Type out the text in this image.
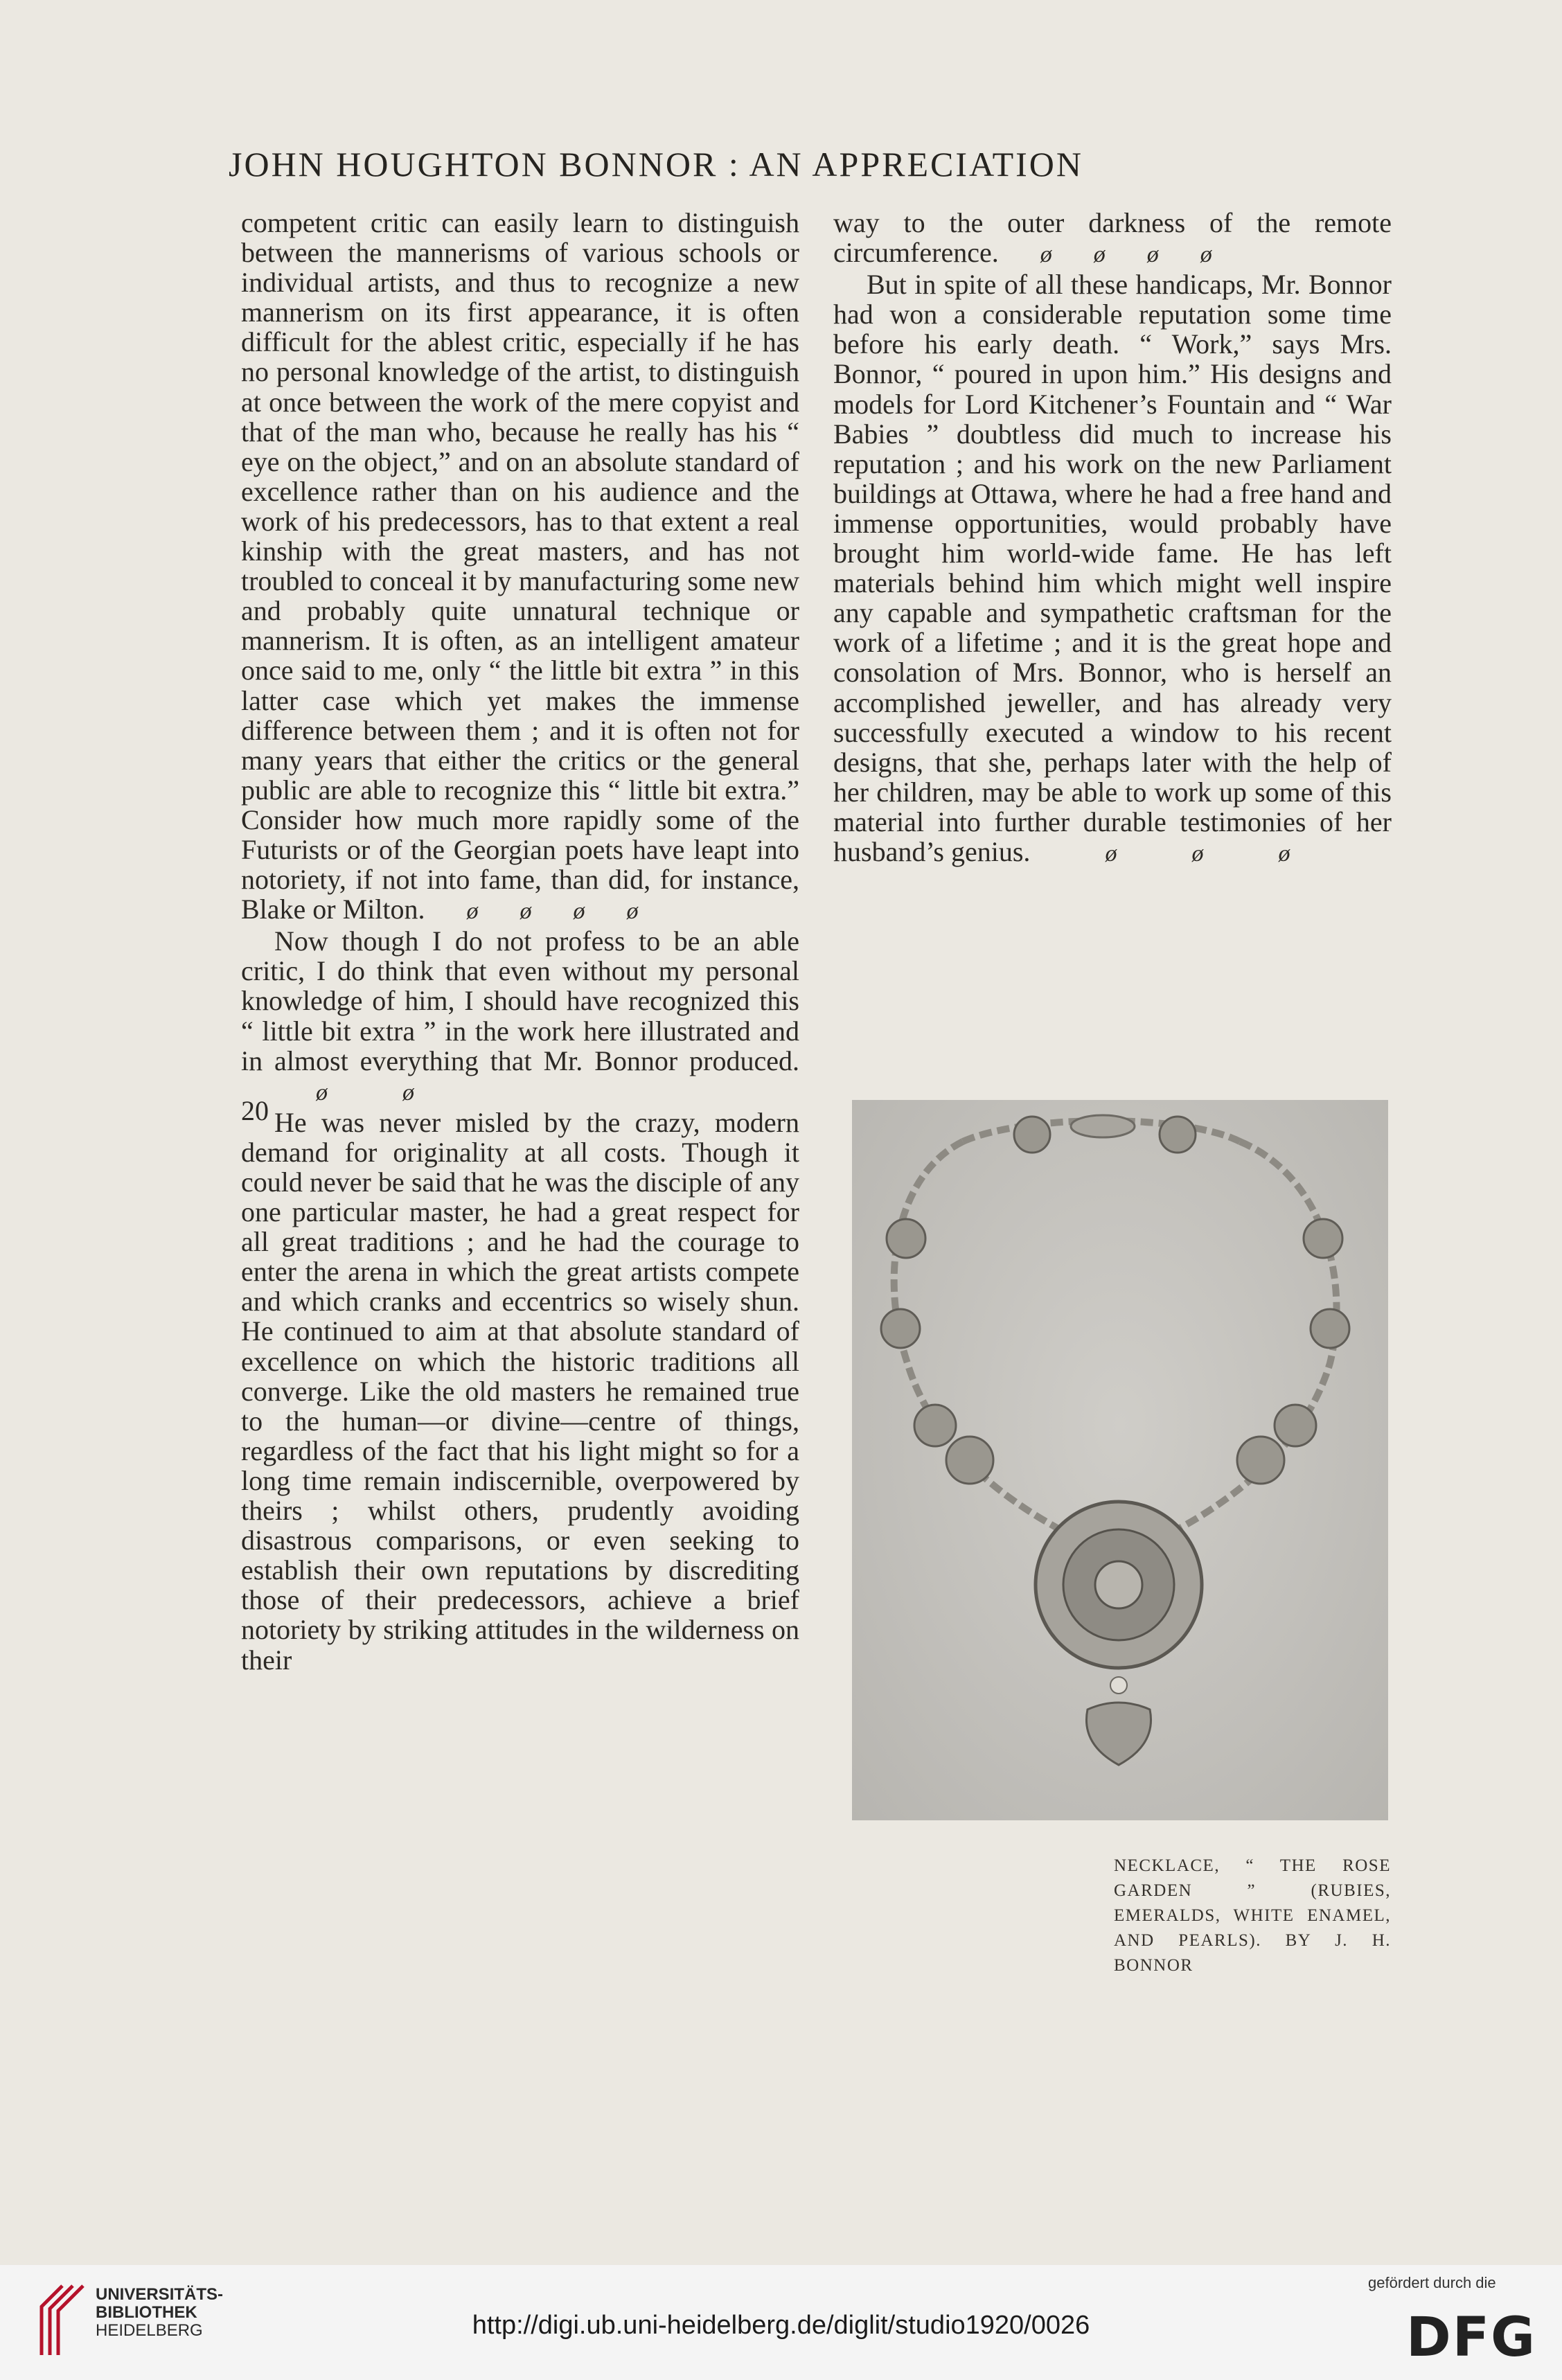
JOHN HOUGHTON BONNOR : AN APPRECIATION

competent critic can easily learn to distinguish between the mannerisms of various schools or individual artists, and thus to recognize a new mannerism on its first appearance, it is often difficult for the ablest critic, especially if he has no personal knowledge of the artist, to distinguish at once between the work of the mere copyist and that of the man who, because he really has his “ eye on the object,” and on an absolute standard of excellence rather than on his audience and the work of his predecessors, has to that extent a real kinship with the great masters, and has not troubled to conceal it by manufacturing some new and probably quite unnatural technique or mannerism. It is often, as an intelligent amateur once said to me, only “ the little bit extra ” in this latter case which yet makes the immense difference between them ; and it is often not for many years that either the critics or the general public are able to recognize this “ little bit extra.” Consider how much more rapidly some of the Futurists or of the Georgian poets have leapt into notoriety, if not into fame, than did, for instance, Blake or Milton. ø ø ø ø

Now though I do not profess to be an able critic, I do think that even without my personal knowledge of him, I should have recognized this “ little bit extra ” in the work here illustrated and in almost everything that Mr. Bonnor produced.ø	ø

He was never misled by the crazy, modern demand for originality at all costs. Though it could never be said that he was the disciple of any one particular master, he had a great respect for all great traditions ; and he had the courage to enter the arena in which the great artists compete and which cranks and eccentrics so wisely shun. He continued to aim at that absolute standard of excellence on which the historic traditions all converge. Like the old masters he remained true to the human—or divine—centre of things, regardless of the fact that his light might so for a long time remain indiscernible, overpowered by theirs ; whilst others, prudently avoiding disastrous comparisons, or even seeking to establish their own reputations by discrediting those of their predecessors, achieve a brief notoriety by striking attitudes in the wilderness on their

way to the outer darkness of the remote circumference. ø ø ø ø

But in spite of all these handicaps, Mr. Bonnor had won a considerable reputation some time before his early death. “ Work,” says Mrs. Bonnor, “ poured in upon him.” His designs and models for Lord Kitchener’s Fountain and “ War Babies ” doubtless did much to increase his reputation ; and his work on the new Parliament buildings at Ottawa, where he had a free hand and immense opportunities, would probably have brought him world-wide fame. He has left materials behind him which might well inspire any capable and sympathetic craftsman for the work of a lifetime ; and it is the great hope and consolation of Mrs. Bonnor, who is herself an accomplished jeweller, and has already very successfully executed a window to his recent designs, that she, perhaps later with the help of her children, may be able to work up some of this material into further durable testimonies of her husband’s genius.	ø	ø	ø

20
NECKLACE, “ THE ROSE GARDEN ” (RUBIES, EMERALDS, WHITE ENAMEL, AND PEARLS). BY J. H. BONNOR
UNIVERSITÄTS-
BIBLIOTHEK
HEIDELBERG	http://digi.ub.uni-heidelberg.de/diglit/studio1920/0026
gefördert durch die
DFG
